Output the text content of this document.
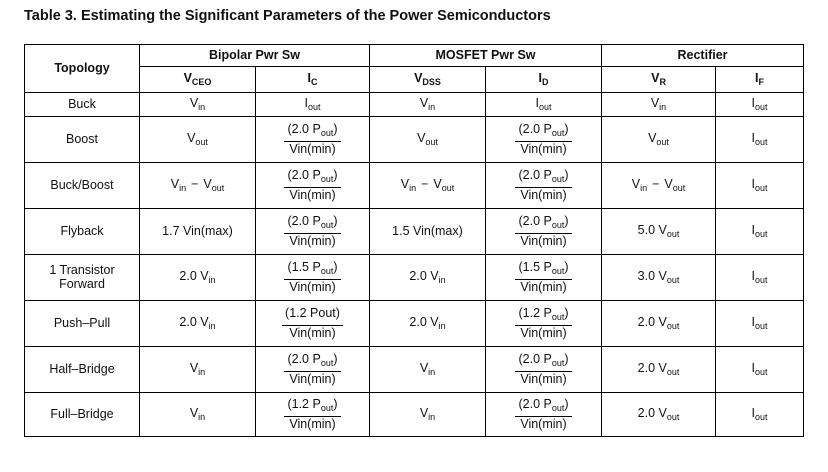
Table 3. Estimating the Significant Parameters of the Power Semiconductors
Topology	Bipolar Pwr Sw		MOSFET Pwr Sw		Rectifier	
	$V_{CEO}$	$I_C$	$V_{DSS}$	$I_D$	$V_R$	$I_F$
Buck	$V_{in}$	$I_{out}$	$V_{in}$	$I_{out}$	$V_{in}$	$I_{out}$
Boost	$V_{out}$	$\frac{(2.0 P_{out})}{\text{Vin(min)}}$	$V_{out}$	$\frac{(2.0 P_{out})}{\text{Vin(min)}}$	$V_{out}$	$I_{out}$
Buck/Boost	$V_{in} - V_{out}$	$\frac{(2.0 P_{out})}{\text{Vin(min)}}$	$V_{in} - V_{out}$	$\frac{(2.0 P_{out})}{\text{Vin(min)}}$	$V_{in} - V_{out}$	$I_{out}$
Flyback	1.7 Vin(max)	$\frac{(2.0 P_{out})}{\text{Vin(min)}}$	1.5 Vin(max)	$\frac{(2.0 P_{out})}{\text{Vin(min)}}$	5.0 $V_{out}$	$I_{out}$
1 Transistor
Forward	2.0 $V_{in}$	$\frac{(1.5 P_{out})}{\text{Vin(min)}}$	2.0 $V_{in}$	$\frac{(1.5 P_{out})}{\text{Vin(min)}}$	3.0 $V_{out}$	$I_{out}$
Push–Pull	2.0 $V_{in}$	$\frac{\text{(1.2 Pout)}}{\text{Vin(min)}}$	2.0 $V_{in}$	$\frac{(1.2 P_{out})}{\text{Vin(min)}}$	2.0 $V_{out}$	$I_{out}$
Half–Bridge	$V_{in}$	$\frac{(2.0 P_{out})}{\text{Vin(min)}}$	$V_{in}$	$\frac{(2.0 P_{out})}{\text{Vin(min)}}$	2.0 $V_{out}$	$I_{out}$
Full–Bridge	$V_{in}$	$\frac{(1.2 P_{out})}{\text{Vin(min)}}$	$V_{in}$	$\frac{(2.0 P_{out})}{\text{Vin(min)}}$	2.0 $V_{out}$	$I_{out}$
